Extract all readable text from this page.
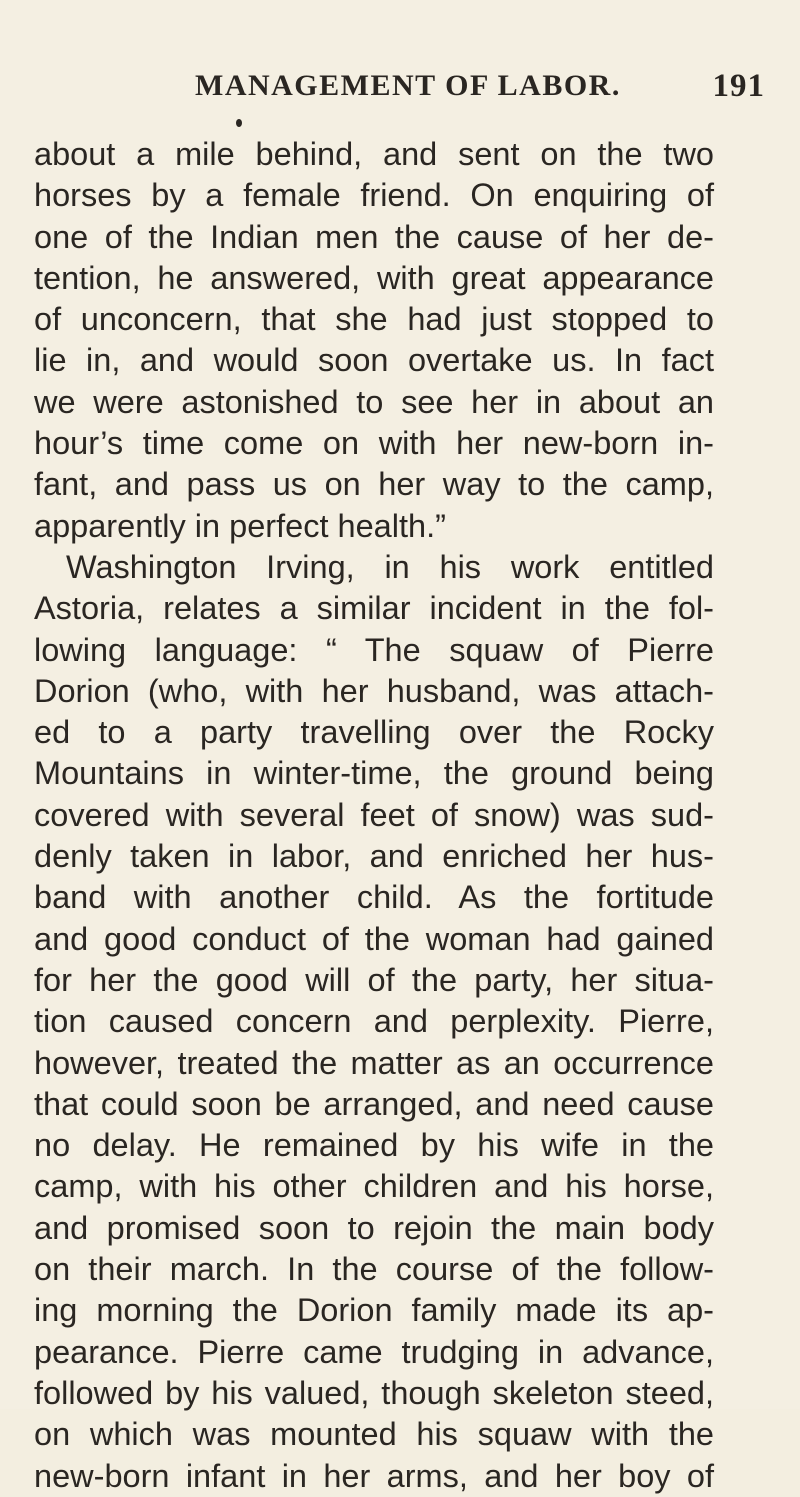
MANAGEMENT OF LABOR.	191
about a mile behind, and sent on the two
horses by a female friend. On enquiring of
one of the Indian men the cause of her de-
tention, he answered, with great appearance
of unconcern, that she had just stopped to
lie in, and would soon overtake us. In fact
we were astonished to see her in about an
hour’s time come on with her new-born in-
fant, and pass us on her way to the camp,
apparently in perfect health.”
Washington Irving, in his work entitled
Astoria, relates a similar incident in the fol-
lowing language: “ The squaw of Pierre
Dorion (who, with her husband, was attach-
ed to a party travelling over the Rocky
Mountains in winter-time, the ground being
covered with several feet of snow) was sud-
denly taken in labor, and enriched her hus-
band with another child. As the fortitude
and good conduct of the woman had gained
for her the good will of the party, her situa-
tion caused concern and perplexity. Pierre,
however, treated the matter as an occurrence
that could soon be arranged, and need cause
no delay. He remained by his wife in the
camp, with his other children and his horse,
and promised soon to rejoin the main body
on their march. In the course of the follow-
ing morning the Dorion family made its ap-
pearance. Pierre came trudging in advance,
followed by his valued, though skeleton steed,
on which was mounted his squaw with the
new-born infant in her arms, and her boy of
